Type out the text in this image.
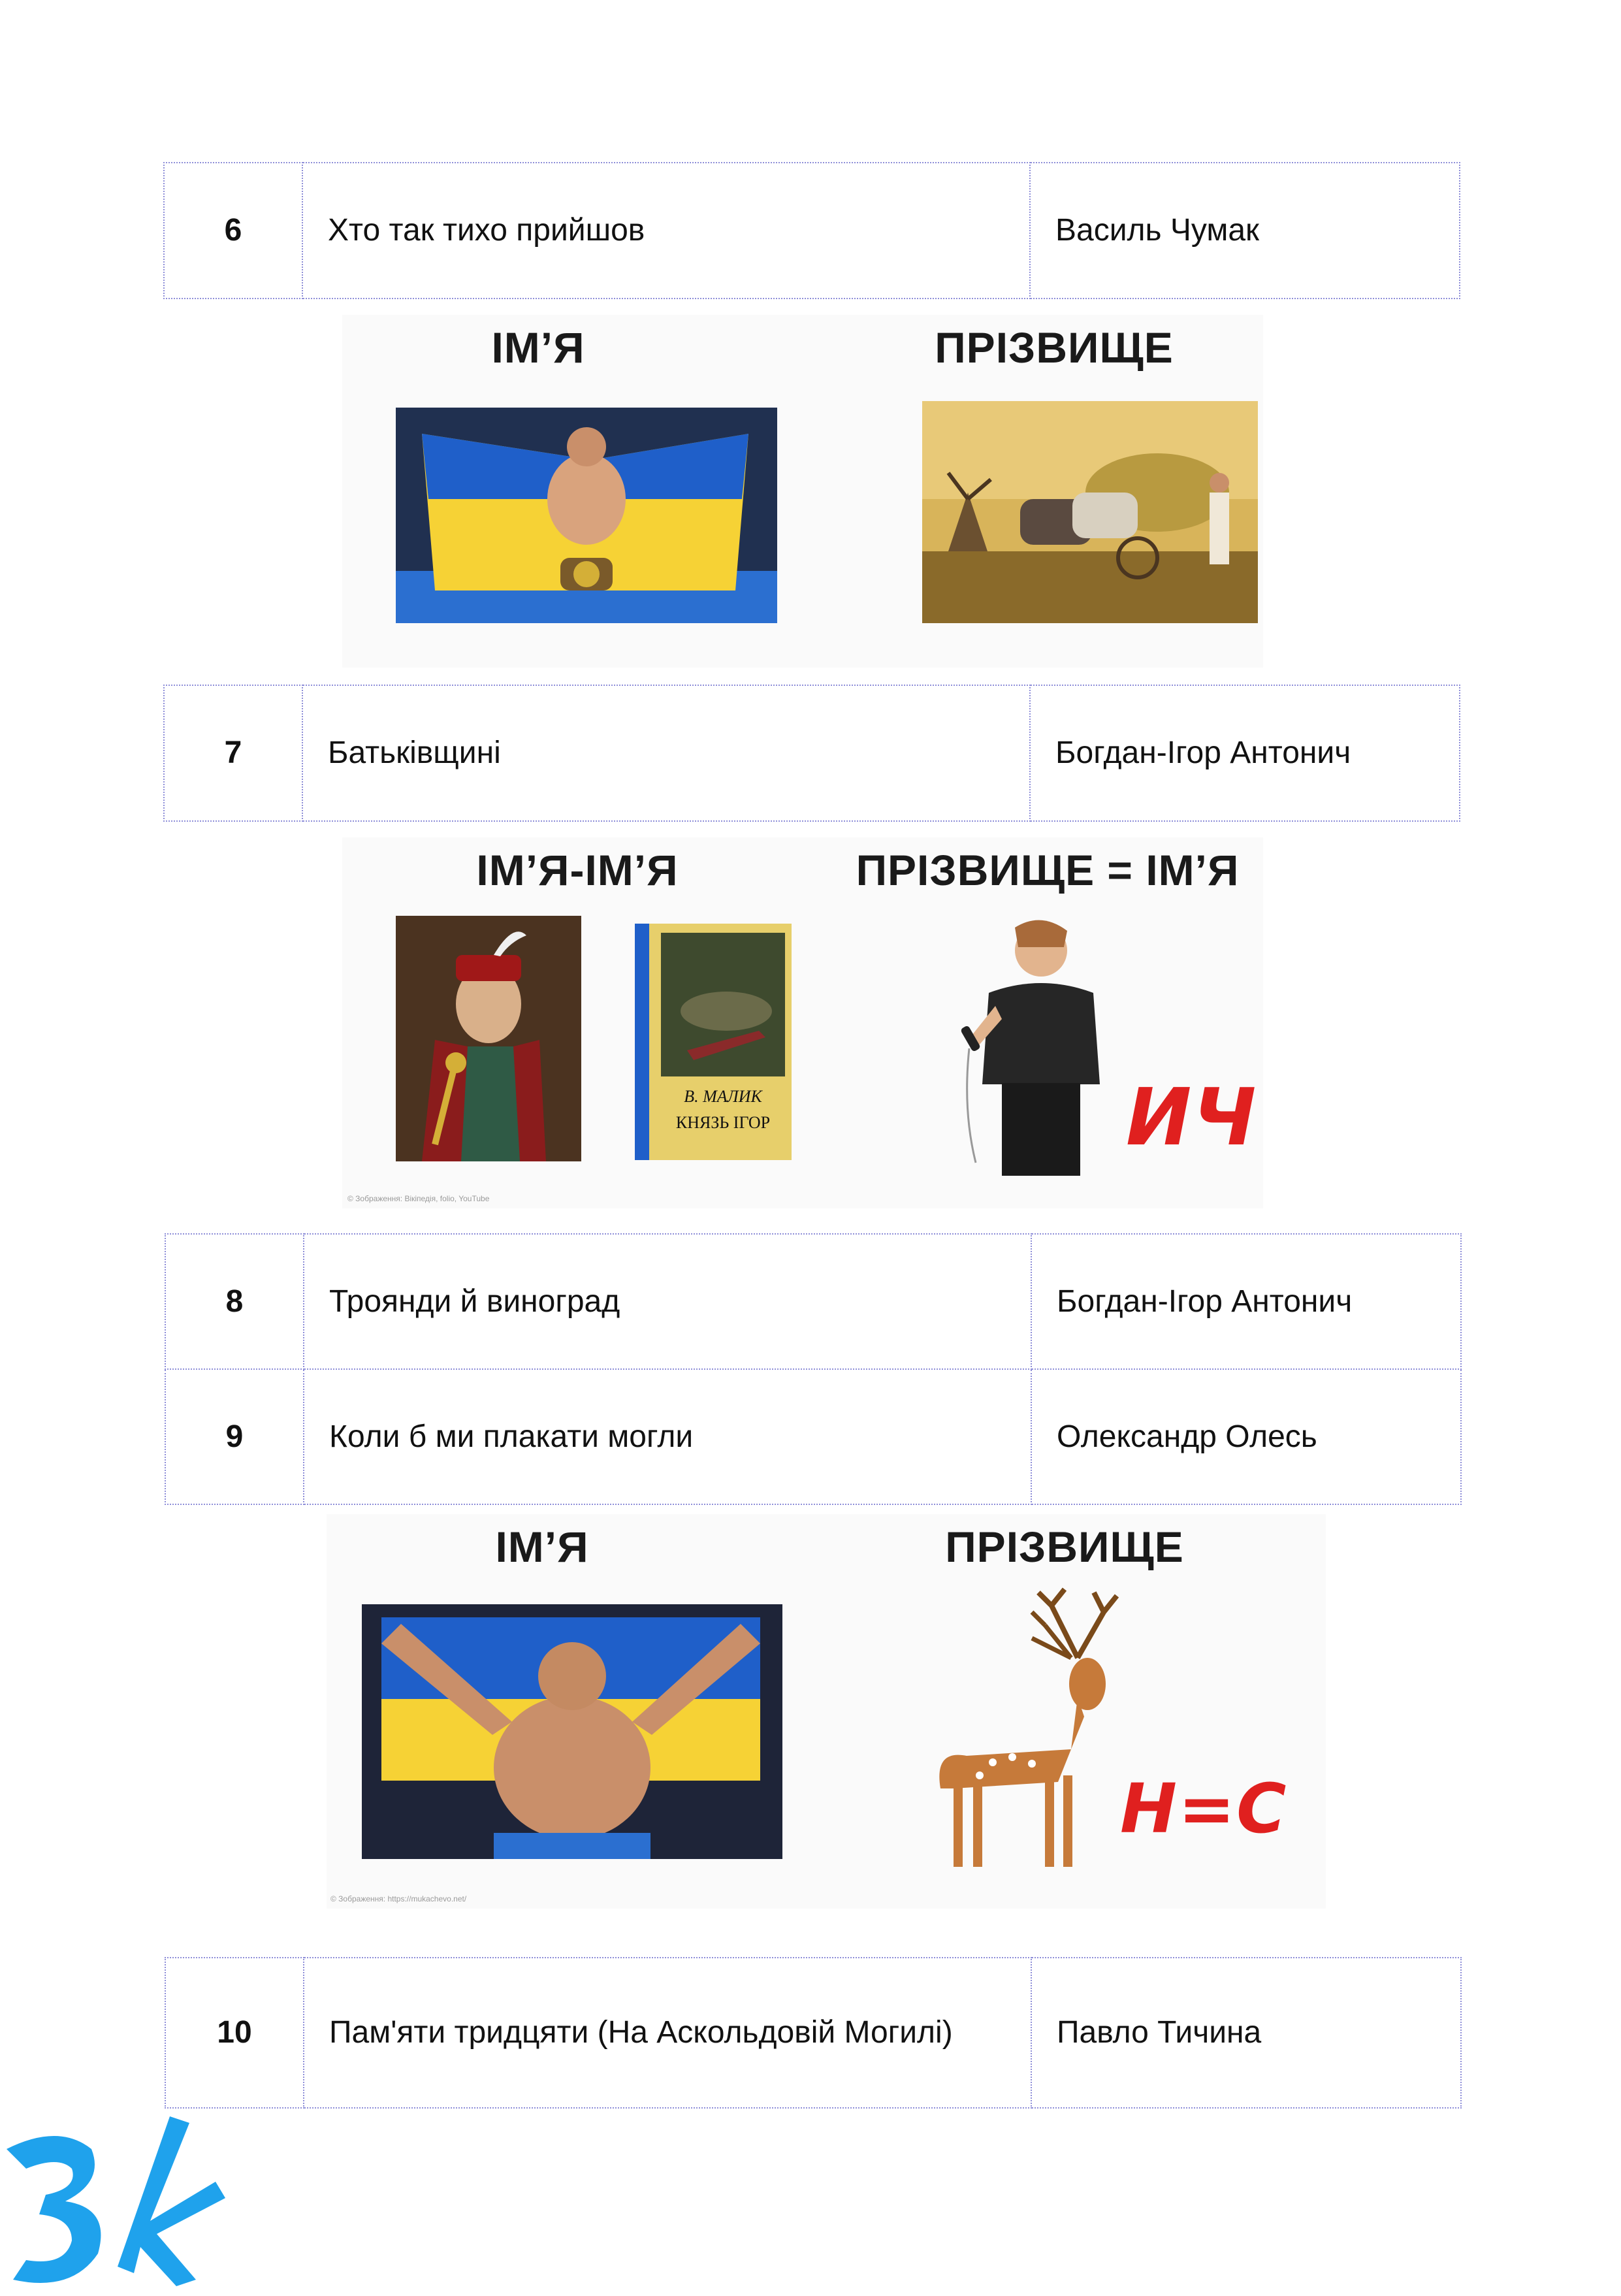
6	Хто так тихо прийшов	Василь Чумак
ІМ’Я	ПРІЗВИЩЕ
7	Батьківщині	Богдан-Ігор Антонич
ІМ’Я-ІМ’Я	ПРІЗВИЩЕ = ІМ’Я
В. МАЛИК
КНЯЗЬ ІГОР	ИЧ
© Зображення: Вікіпедія, folio, YouTube
8	Троянди й виноград	Богдан-Ігор Антонич
9	Коли б ми плакати могли	Олександр Олесь
ІМ’Я	ПРІЗВИЩЕ
Н=С
© Зображення: https://mukachevo.net/
10	Пам'яти тридцяти (На Аскольдовій Могилі)	Павло Тичина
